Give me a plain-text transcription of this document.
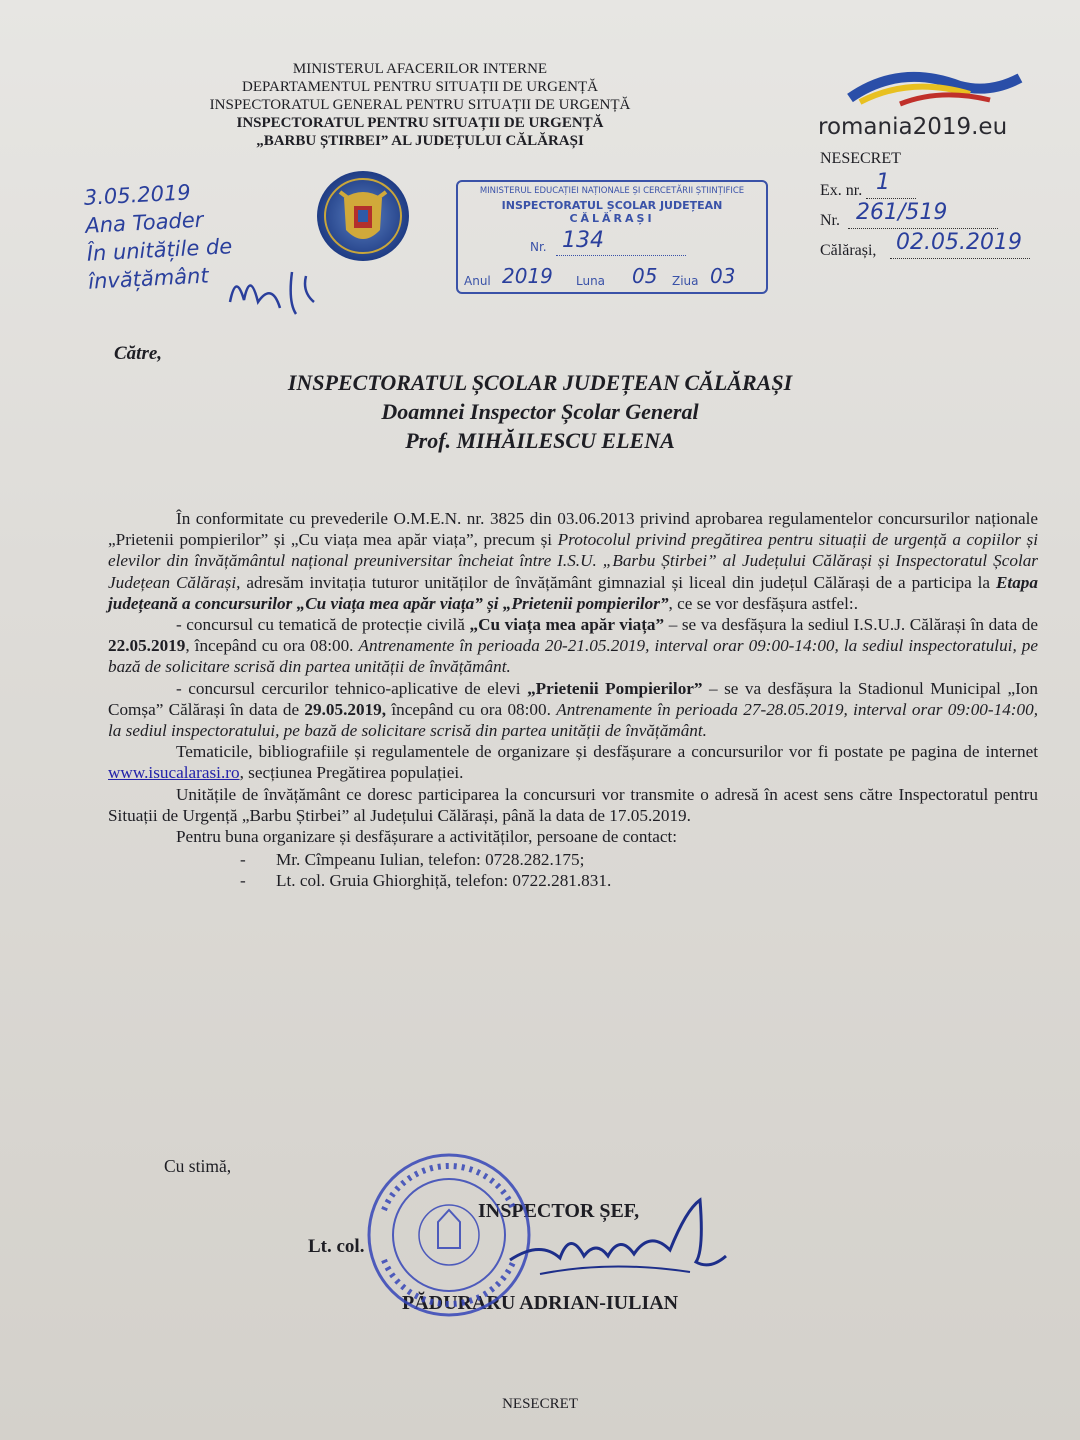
MINISTERUL AFACERILOR INTERNE
DEPARTAMENTUL PENTRU SITUAȚII DE URGENȚĂ
INSPECTORATUL GENERAL PENTRU SITUAȚII DE URGENȚĂ
INSPECTORATUL PENTRU SITUAȚII DE URGENȚĂ
„BARBU ȘTIRBEI” AL JUDEȚULUI CĂLĂRAȘI
MINISTERUL EDUCAȚIEI NAȚIONALE ȘI CERCETĂRII ȘTIINȚIFICE
INSPECTORATUL ȘCOLAR JUDEȚEAN
CĂLĂRAȘI
Nr. 134
Anul 2019 Luna 05 Ziua 03
3.05.2019
Ana Toader
În unitățile de
învățământ
romania2019.eu
NESECRET
Ex. nr. 1
Nr. 261/519
Călărași, 02.05.2019
Către,
INSPECTORATUL ȘCOLAR JUDEȚEAN CĂLĂRAȘI
Doamnei Inspector Școlar General
Prof. MIHĂILESCU ELENA

În conformitate cu prevederile O.M.E.N. nr. 3825 din 03.06.2013 privind aprobarea regulamentelor concursurilor naționale „Prietenii pompierilor” și „Cu viața mea apăr viața”, precum și Protocolul privind pregătirea pentru situații de urgență a copiilor și elevilor din învățământul național preuniversitar încheiat între I.S.U. „Barbu Știrbei” al Județului Călărași și Inspectoratul Școlar Județean Călărași, adresăm invitația tuturor unităților de învățământ gimnazial și liceal din județul Călărași de a participa la Etapa județeană a concursurilor „Cu viața mea apăr viața” și „Prietenii pompierilor”, ce se vor desfășura astfel:.

- concursul cu tematică de protecție civilă „Cu viața mea apăr viața” – se va desfășura la sediul I.S.U.J. Călărași în data de 22.05.2019, începând cu ora 08:00. Antrenamente în perioada 20-21.05.2019, interval orar 09:00-14:00, la sediul inspectoratului, pe bază de solicitare scrisă din partea unității de învățământ.

- concursul cercurilor tehnico-aplicative de elevi „Prietenii Pompierilor” – se va desfășura la Stadionul Municipal „Ion Comșa” Călărași în data de 29.05.2019, începând cu ora 08:00. Antrenamente în perioada 27-28.05.2019, interval orar 09:00-14:00, la sediul inspectoratului, pe bază de solicitare scrisă din partea unității de învățământ.

Tematicile, bibliografiile și regulamentele de organizare și desfășurare a concursurilor vor fi postate pe pagina de internet www.isucalarasi.ro, secțiunea Pregătirea populației.

Unitățile de învățământ ce doresc participarea la concursuri vor transmite o adresă în acest sens către Inspectoratul pentru Situații de Urgență „Barbu Știrbei” al Județului Călărași, până la data de 17.05.2019.

Pentru buna organizare și desfășurare a activităților, persoane de contact:

- Mr. Cîmpeanu Iulian, telefon: 0728.282.175;
- Lt. col. Gruia Ghiorghiță, telefon: 0722.281.831.
Cu stimă,
INSPECTOR ȘEF,
Lt. col.
PĂDURARU ADRIAN-IULIAN
NESECRET
